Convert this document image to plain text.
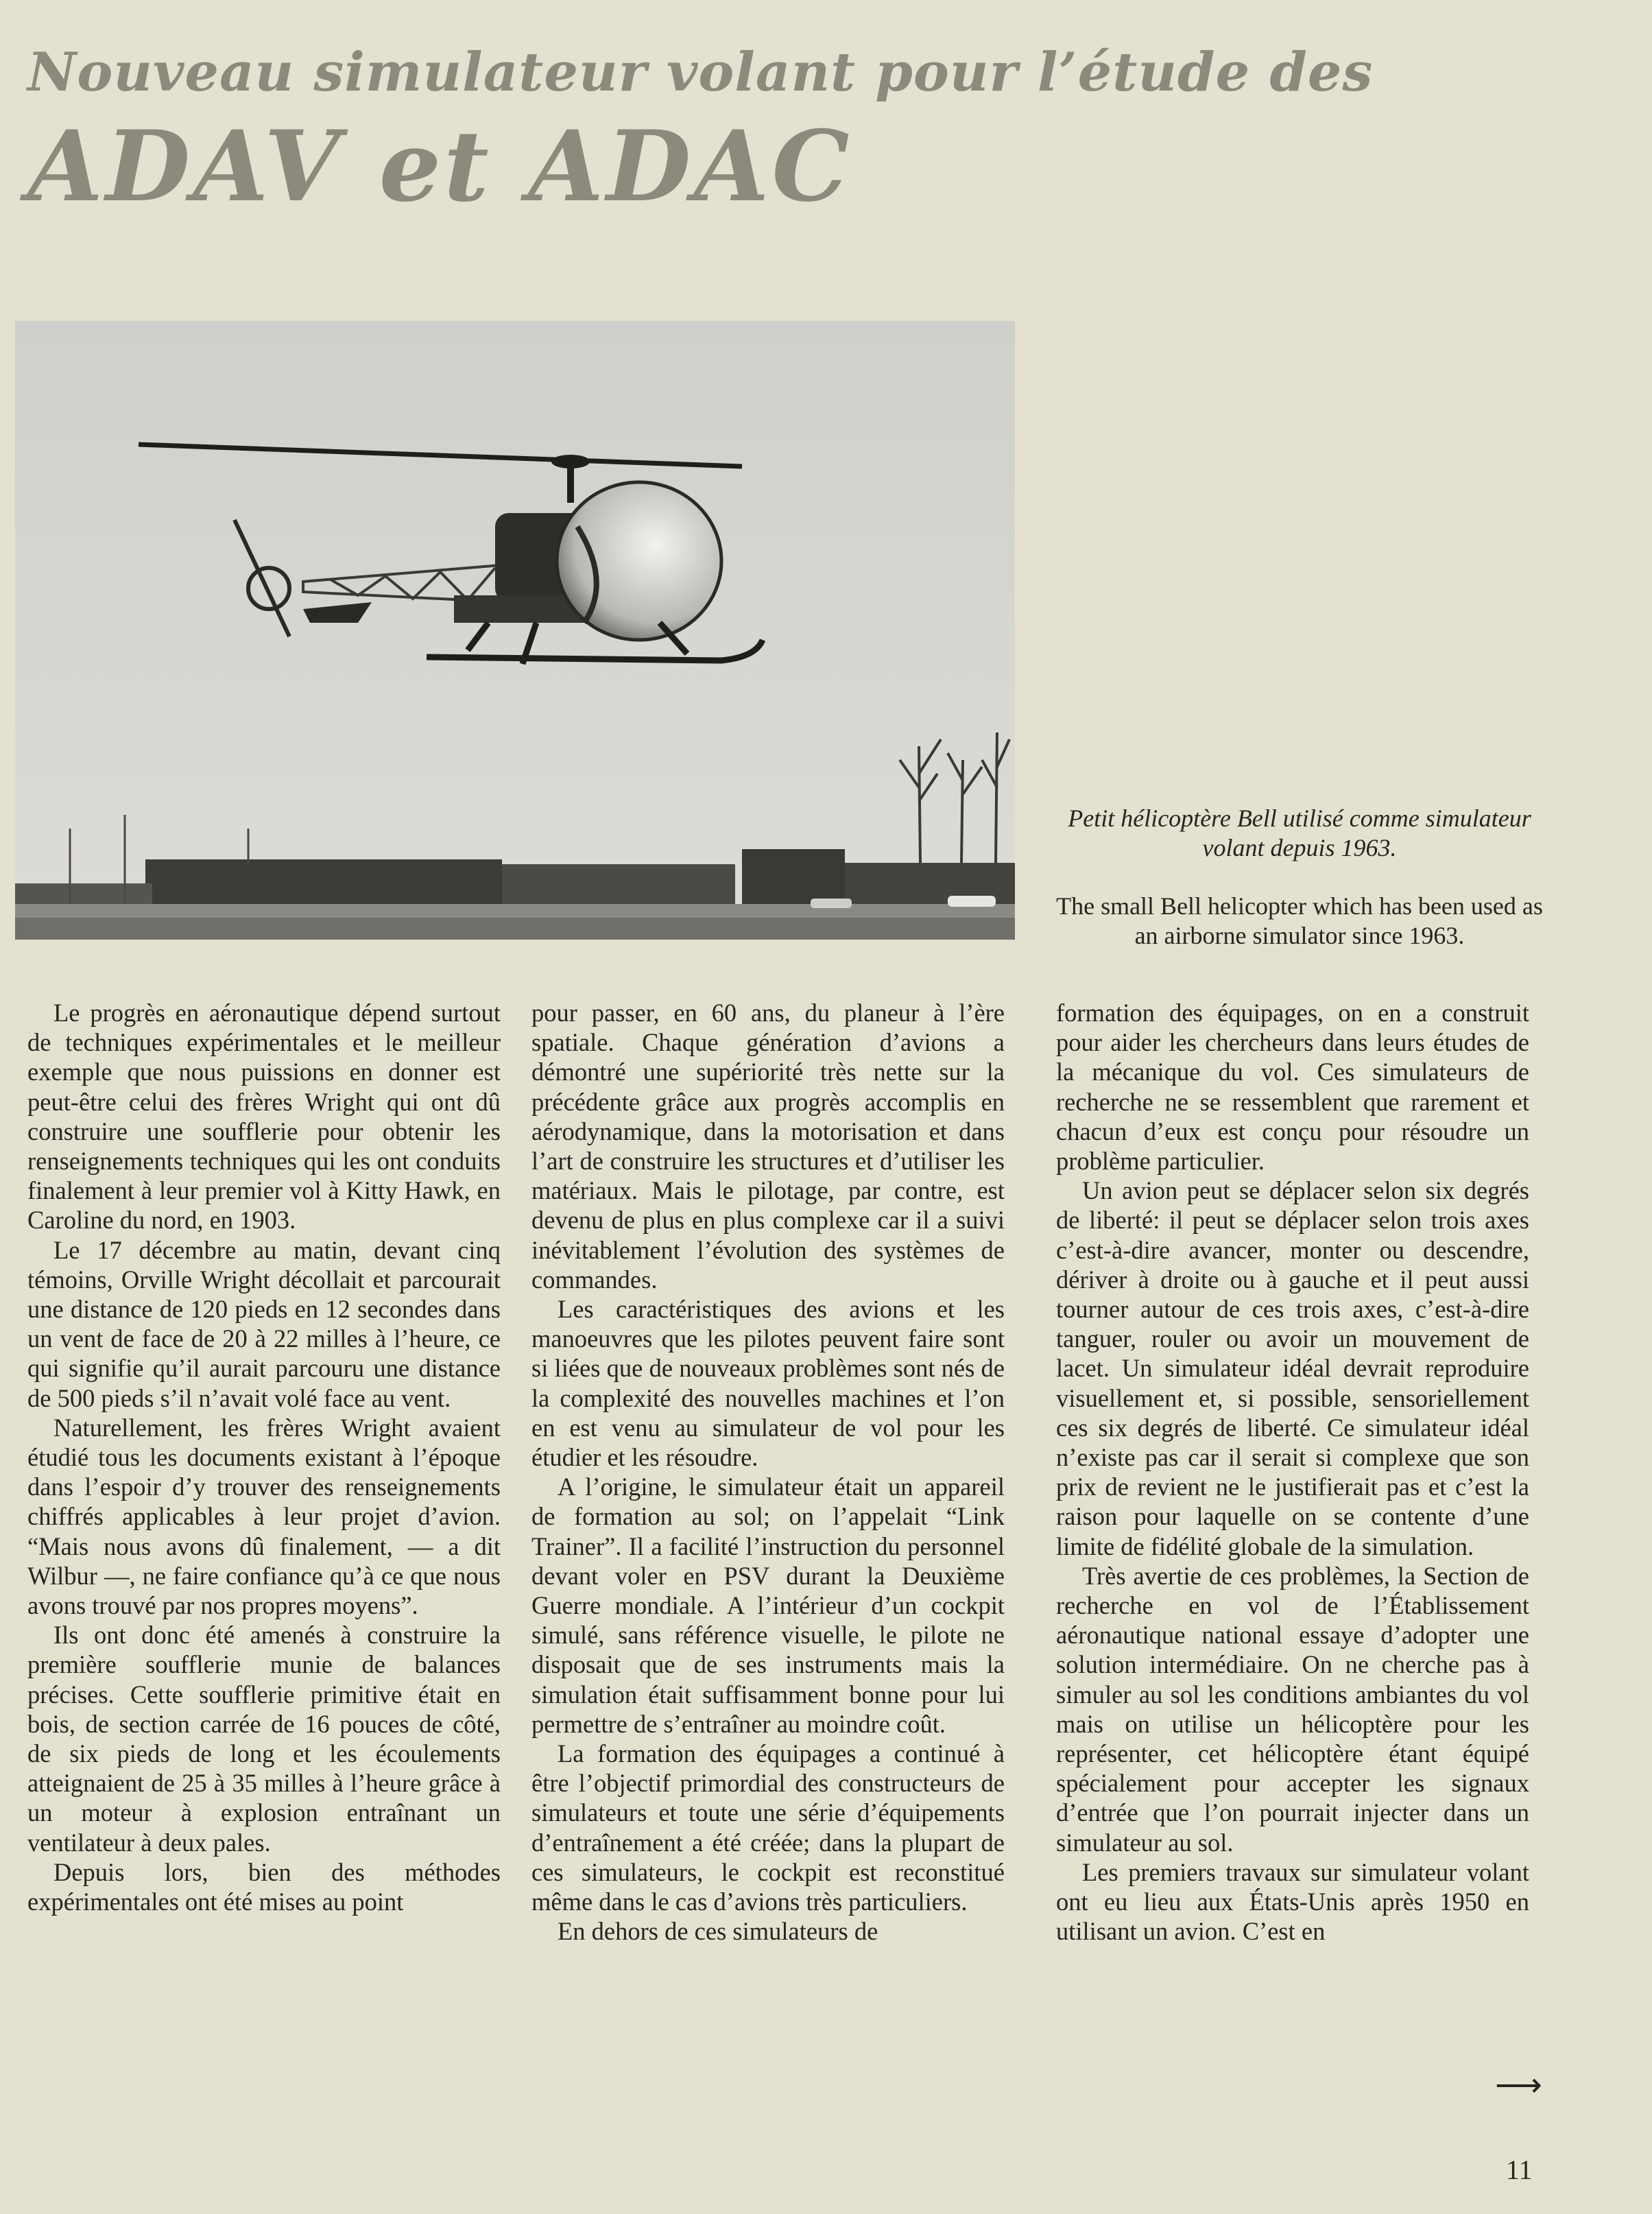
Nouveau simulateur volant pour l’étude des
ADAV et ADAC

Petit hélicoptère Bell utilisé comme simulateur volant depuis 1963.

The small Bell helicopter which has been used as an airborne simulator since 1963.

Le progrès en aéronautique dépend surtout de techniques expérimentales et le meilleur exemple que nous puissions en donner est peut-être celui des frères Wright qui ont dû construire une soufflerie pour obtenir les renseignements techniques qui les ont conduits finalement à leur premier vol à Kitty Hawk, en Caroline du nord, en 1903.

Le 17 décembre au matin, devant cinq témoins, Orville Wright décollait et parcourait une distance de 120 pieds en 12 secondes dans un vent de face de 20 à 22 milles à l’heure, ce qui signifie qu’il aurait parcouru une distance de 500 pieds s’il n’avait volé face au vent.

Naturellement, les frères Wright avaient étudié tous les documents existant à l’époque dans l’espoir d’y trouver des renseignements chiffrés applicables à leur projet d’avion. “Mais nous avons dû finalement, — a dit Wilbur —, ne faire confiance qu’à ce que nous avons trouvé par nos propres moyens”.

Ils ont donc été amenés à construire la première soufflerie munie de balances précises. Cette soufflerie primitive était en bois, de section carrée de 16 pouces de côté, de six pieds de long et les écoulements atteignaient de 25 à 35 milles à l’heure grâce à un moteur à explosion entraînant un ventilateur à deux pales.

Depuis lors, bien des méthodes expérimentales ont été mises au point

pour passer, en 60 ans, du planeur à l’ère spatiale. Chaque génération d’avions a démontré une supériorité très nette sur la précédente grâce aux progrès accomplis en aérodynamique, dans la motorisation et dans l’art de construire les structures et d’utiliser les matériaux. Mais le pilotage, par contre, est devenu de plus en plus complexe car il a suivi inévitablement l’évolution des systèmes de commandes.

Les caractéristiques des avions et les manoeuvres que les pilotes peuvent faire sont si liées que de nouveaux problèmes sont nés de la complexité des nouvelles machines et l’on en est venu au simulateur de vol pour les étudier et les résoudre.

A l’origine, le simulateur était un appareil de formation au sol; on l’appelait “Link Trainer”. Il a facilité l’instruction du personnel devant voler en PSV durant la Deuxième Guerre mondiale. A l’intérieur d’un cockpit simulé, sans référence visuelle, le pilote ne disposait que de ses instruments mais la simulation était suffisamment bonne pour lui permettre de s’entraîner au moindre coût.

La formation des équipages a continué à être l’objectif primordial des constructeurs de simulateurs et toute une série d’équipements d’entraînement a été créée; dans la plupart de ces simulateurs, le cockpit est reconstitué même dans le cas d’avions très particuliers.

En dehors de ces simulateurs de

formation des équipages, on en a construit pour aider les chercheurs dans leurs études de la mécanique du vol. Ces simulateurs de recherche ne se ressemblent que rarement et chacun d’eux est conçu pour résoudre un problème particulier.

Un avion peut se déplacer selon six degrés de liberté: il peut se déplacer selon trois axes c’est-à-dire avancer, monter ou descendre, dériver à droite ou à gauche et il peut aussi tourner autour de ces trois axes, c’est-à-dire tanguer, rouler ou avoir un mouvement de lacet. Un simulateur idéal devrait reproduire visuellement et, si possible, sensoriellement ces six degrés de liberté. Ce simulateur idéal n’existe pas car il serait si complexe que son prix de revient ne le justifierait pas et c’est la raison pour laquelle on se contente d’une limite de fidélité globale de la simulation.

Très avertie de ces problèmes, la Section de recherche en vol de l’Établissement aéronautique national essaye d’adopter une solution intermédiaire. On ne cherche pas à simuler au sol les conditions ambiantes du vol mais on utilise un hélicoptère pour les représenter, cet hélicoptère étant équipé spécialement pour accepter les signaux d’entrée que l’on pourrait injecter dans un simulateur au sol.

Les premiers travaux sur simulateur volant ont eu lieu aux États-Unis après 1950 en utilisant un avion. C’est en

⟶
11
